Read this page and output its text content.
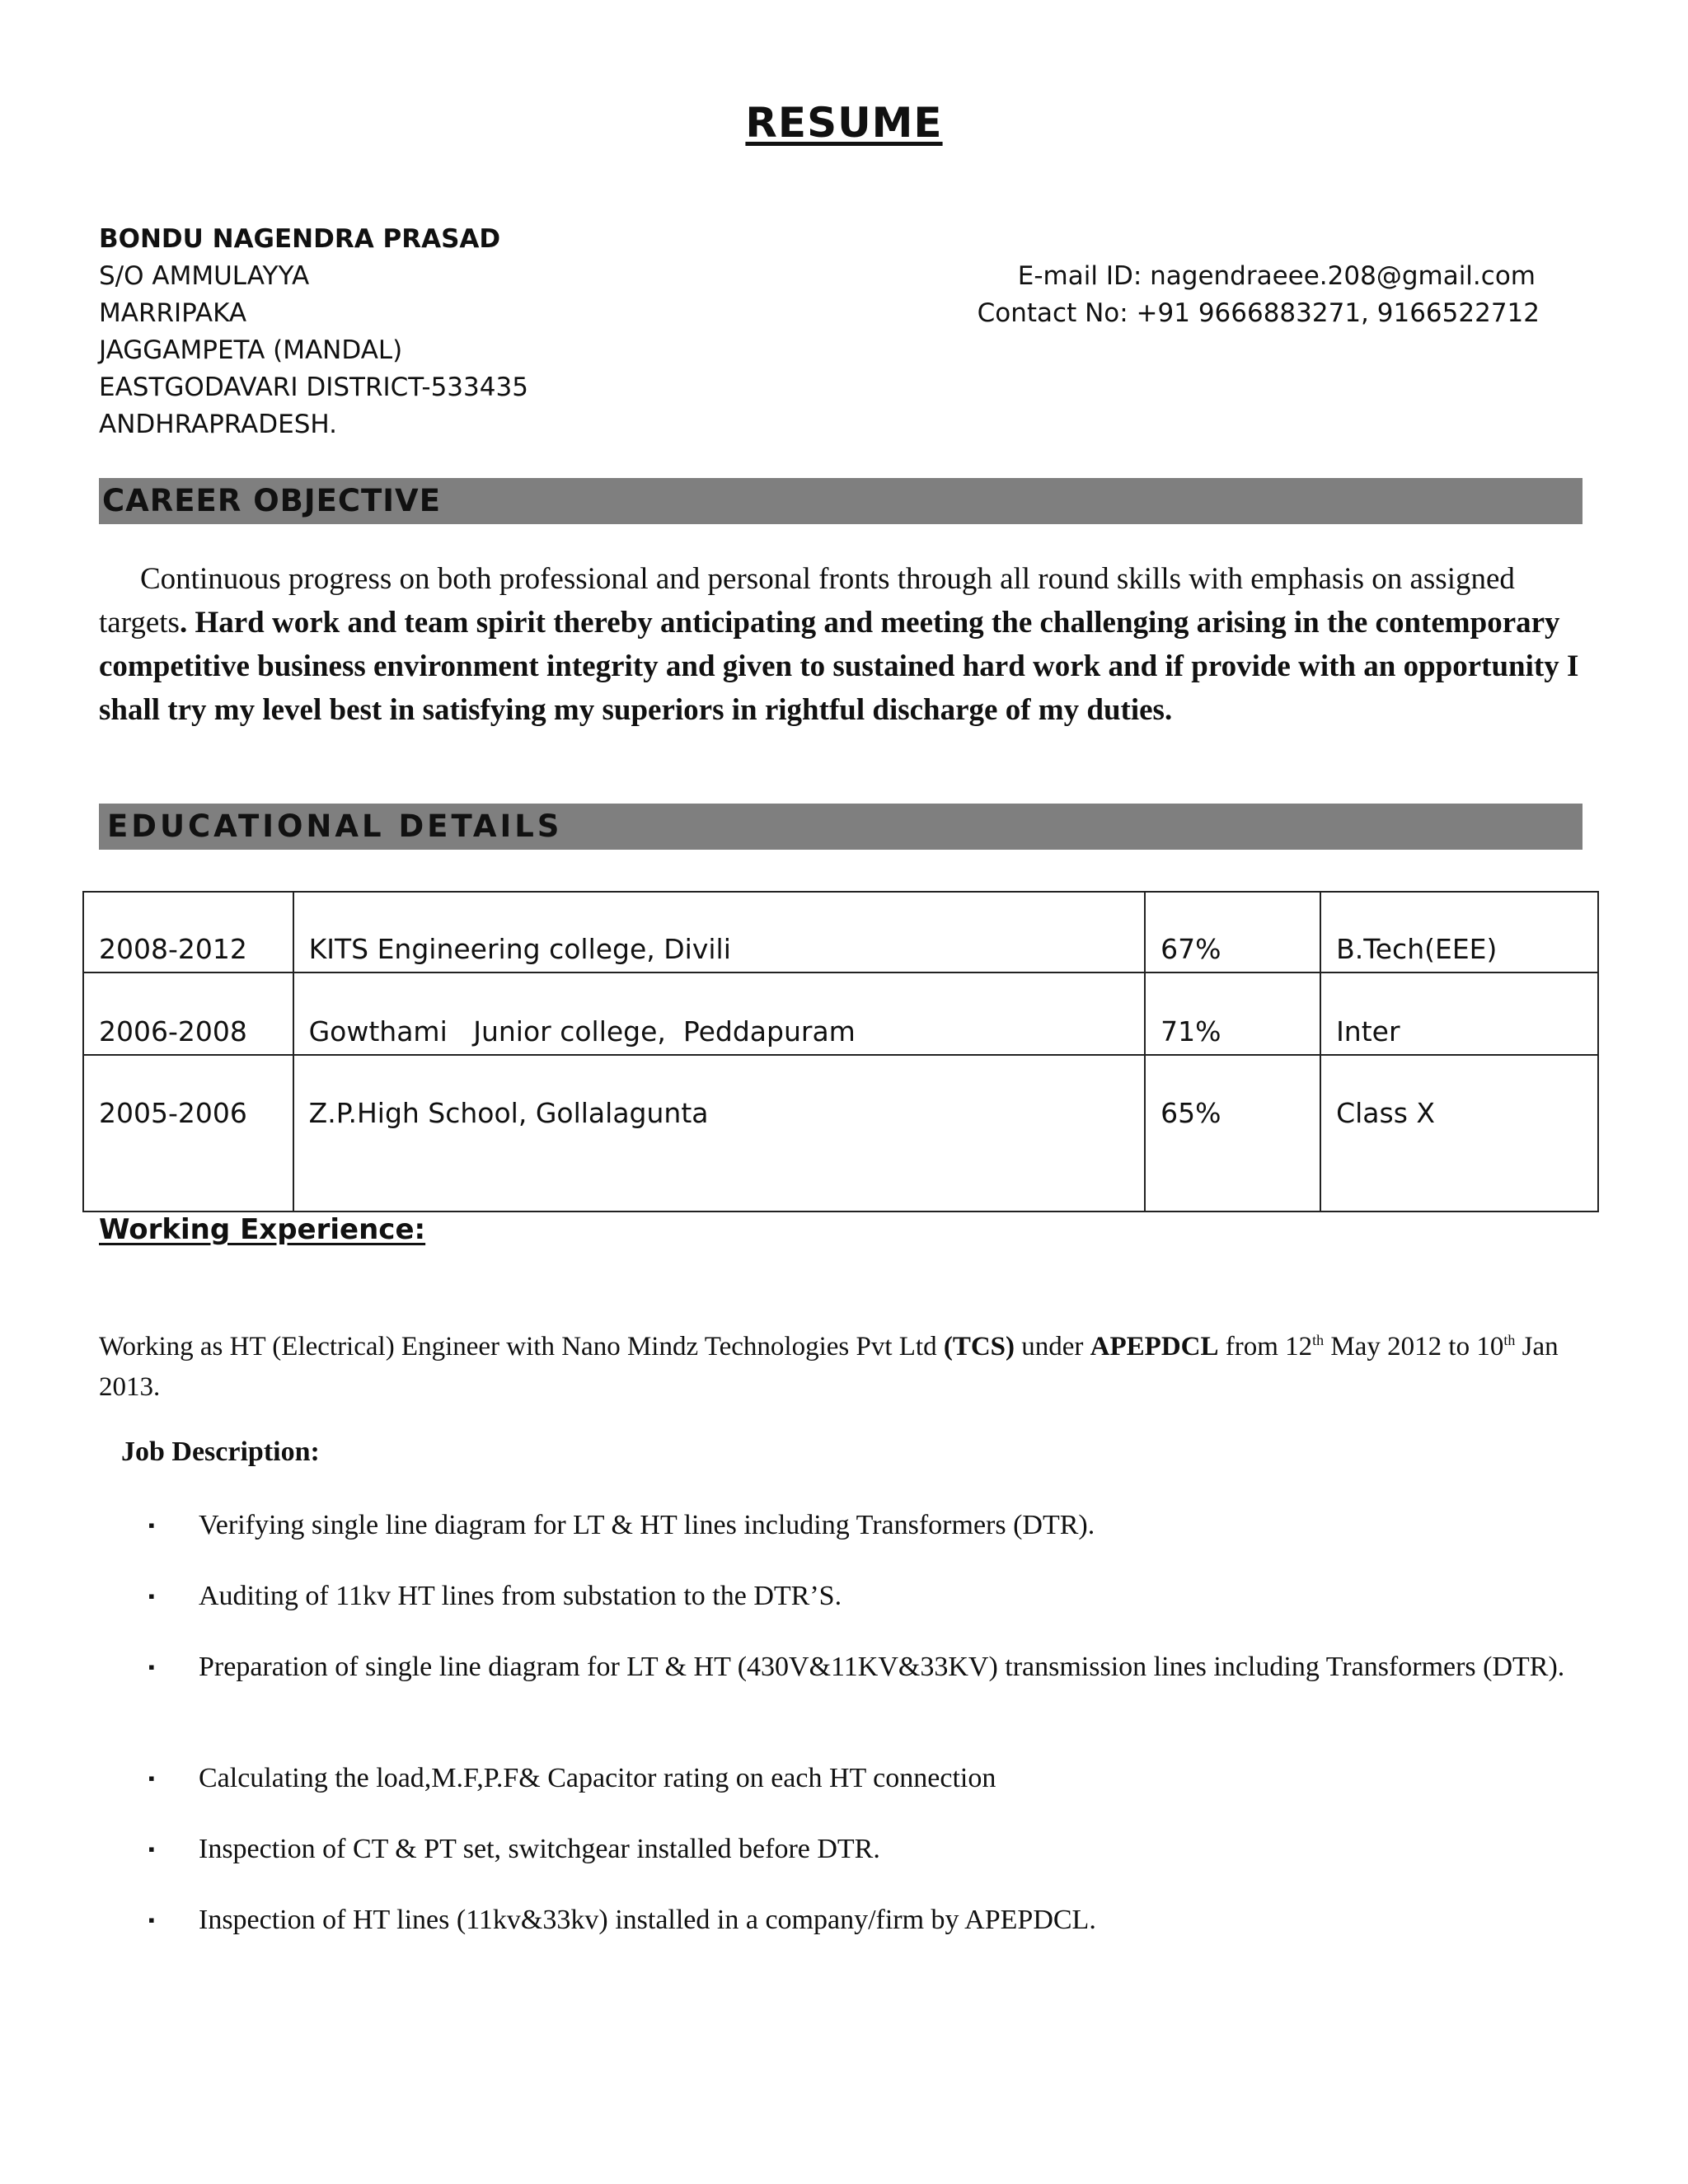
RESUME
BONDU NAGENDRA PRASAD
S/O AMMULAYYA
MARRIPAKA
JAGGAMPETA (MANDAL)
EASTGODAVARI DISTRICT-533435
ANDHRAPRADESH.
E-mail ID: nagendraeee.208@gmail.com
Contact No: +91 9666883271, 9166522712
CAREER OBJECTIVE
Continuous progress on both professional and personal fronts through all round skills with emphasis on assigned targets. Hard work and team spirit thereby anticipating and meeting the challenging arising in the contemporary competitive business environment integrity and given to sustained hard work and if provide with an opportunity I shall try my level best in satisfying my superiors in rightful discharge of my duties.
EDUCATIONAL DETAILS
2008-2012	KITS Engineering college, Divili	67%	B.Tech(EEE)
2006-2008	Gowthami   Junior college,  Peddapuram	71%	Inter
2005-2006	Z.P.High School, Gollalagunta	65%	Class X
Working Experience:
Working as HT (Electrical) Engineer with Nano Mindz Technologies Pvt Ltd (TCS) under APEPDCL from 12th May 2012 to 10th Jan 2013.
Job Description:
▪ Verifying single line diagram for LT & HT lines including Transformers (DTR).
▪ Auditing of 11kv HT lines from substation to the DTR’S.
▪ Preparation of single line diagram for LT & HT (430V&11KV&33KV) transmission lines including Transformers (DTR).
▪ Calculating the load,M.F,P.F& Capacitor rating on each HT connection
▪ Inspection of CT & PT set, switchgear installed before DTR.
▪ Inspection of HT lines (11kv&33kv) installed in a company/firm by APEPDCL.
